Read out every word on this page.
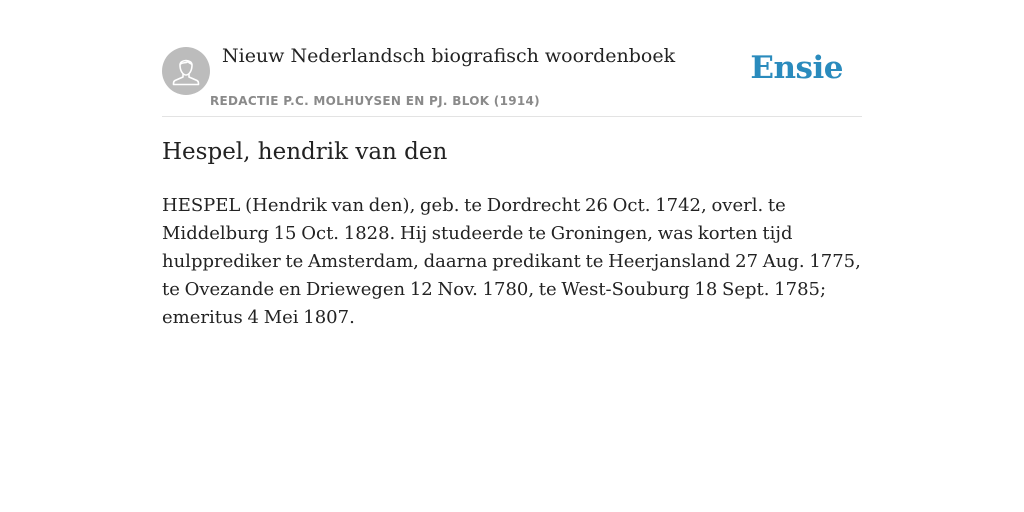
Nieuw Nederlandsch biografisch woordenboek
REDACTIE P.C. MOLHUYSEN EN PJ. BLOK (1914)
Ensie
Hespel, hendrik van den

HESPEL (Hendrik van den), geb. te Dordrecht 26 Oct. 1742, overl. te Middelburg 15 Oct. 1828. Hij studeerde te Groningen, was korten tijd hulpprediker te Amsterdam, daarna predikant te Heerjansland 27 Aug. 1775, te Ovezande en Driewegen 12 Nov. 1780, te West-Souburg 18 Sept. 1785; emeritus 4 Mei 1807.
